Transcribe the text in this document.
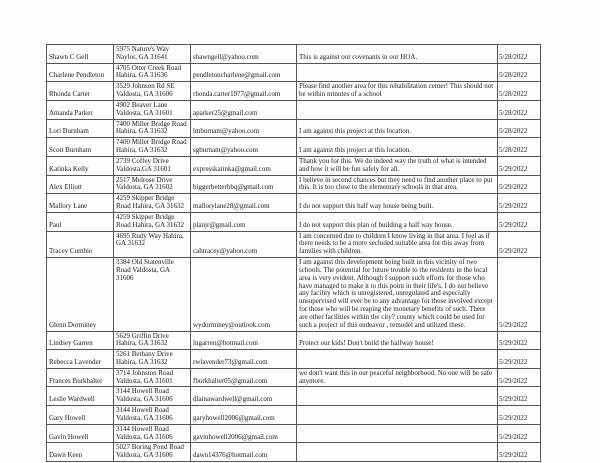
Shawn C Gell	5975 Nature's Way Naylor, GA 31641	shawngell@yahoo.com	This is against our covenants in our HOA.	5/28/2022
Charlene Pendleton	4705 Otter Creek Road Hahira, GA 31636	pendletoncharlene@gmail.com		5/28/2022
Rhonda Carter	3529 Johnson Rd SE Valdosta, GA 31606	rhonda.carter1977@gmail.com	Please find another area for this rehabilitation center! This should not be within minutes of a school	5/28/2022
Amanda Parker	4902 Beaver Lane Valdosta, GA 31601	aparker25@gmail.com		5/28/2022
Lori Burnham	7400 Miller Bridge Road Hahira, GA 31632	lmburnam@yahoo.com	I am against this project at this location.	5/28/2022
Scott Burnham	7400 Miller Bridge Road Hahira, GA 31632	sgburnam@yahoo.com	I am against this project at this location.	5/28/2022
Katinka Kelly	2739 Coffey Drive Valdosta,GA 31601	expresskatinka@gmail.com	Thank you for this. We do indeed way the truth of what is intended and how it will be fun safely for all.	5/29/2022
Alex Elliott	2517 Melrose Drive Valdosta, GA 31602	biggerbetterbbq@gmail.com	I believe in second chances but they need to find another place to put this. It is too close to the elementary schools in that area.	5/29/2022
Mallory Lane	4259 Skipper Bridge Road Hahira, GA 31632	mallorylane28@gmail.com	I do not support this half way house being built.	5/29/2022
Paul	4259 Skipper Bridge Road Hahira, GA 31632	planjr@gmail.com	I do not support this plan of building a half way house.	5/29/2022
Tracey Cumbie	4695 Rudy Way Hahira, GA 31632	cahtracey@yahoo.com	I am concerned due to children I know living in that area. I feel as if there needs to be a more secluded suitable area for this away from families with children.	5/29/2022
Glenn Dorminey	3384 Old Statenville Road Valdosta, GA 31606	wydorminey@outlook.com	I am against this development being built in this vicinity of two schools. The potential for future trouble to the residents in the local area is very evident. Although I support such efforts for those who have managed to make it to this point in their life's, I do not believe any facility which is unregistered, unregulated and especially unsupervised will ever be to any advantage for those involved except for those who will be reaping the monetary benefits of such. There are other facilities within the city? county which could be used for such a project of this endeavor , remodel and utilized these.	5/29/2022
Lindsey Garren	5629 Griffin Drive Hahira, GA 31632	lngarren@hotmail.com	Protect our kids! Don't build the halfway house!	5/29/2022
Rebecca Lavender	5261 Bethany Drive Hahira, GA 31632	rwlavender73@gmail.com		5/29/2022
Frances Burkhalter	3714 Johnston Road Valdosta, GA 31601	fburkhalter05@gmail.com	we don't want this in our peaceful neighborhood. No one will be safe anymore.	5/29/2022
Leslie Wardwell	3144 Howell Road Valdosta, GA 31606	dlainawardwell@gmail.com		5/29/2022
Gary Howell	3144 Howell Road Valdosta, GA 31606	garyhowell2006@gmail.com		5/29/2022
Gavin Howell	3144 Howell Road Valdosta, GA 31606	gavinhowell2006@gmail.com		5/29/2022
Dawn Keen	5027 Boring Pond Road Valdosta, GA 31606	dawn14376@hotmail.com		5/29/2022
